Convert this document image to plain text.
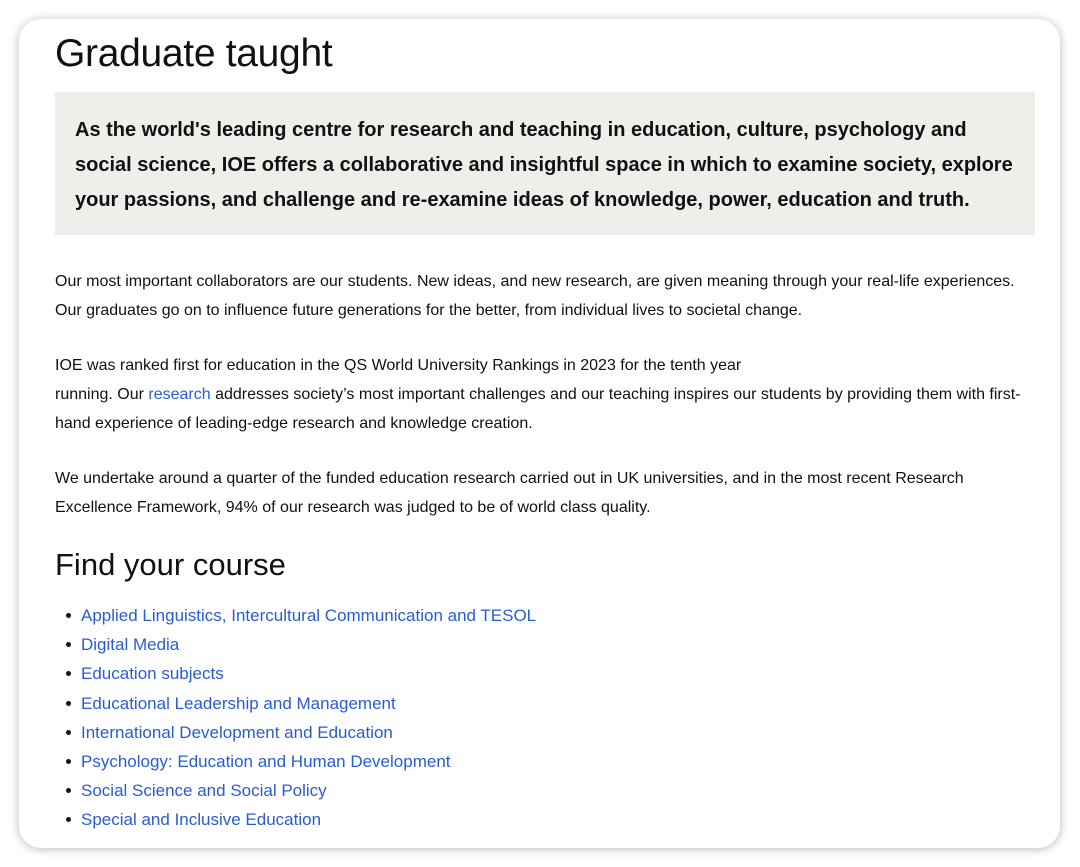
Graduate taught

As the world's leading centre for research and teaching in education, culture, psychology and social science, IOE offers a collaborative and insightful space in which to examine society, explore your passions, and challenge and re-examine ideas of knowledge, power, education and truth.

Our most important collaborators are our students. New ideas, and new research, are given meaning through your real-life experiences. Our graduates go on to influence future generations for the better, from individual lives to societal change.

IOE was ranked first for education in the QS World University Rankings in 2023 for the tenth year
running. Our research addresses society’s most important challenges and our teaching inspires our students by providing them with first-hand experience of leading-edge research and knowledge creation.

We undertake around a quarter of the funded education research carried out in UK universities, and in the most recent Research Excellence Framework, 94% of our research was judged to be of world class quality.

Find your course
Applied Linguistics, Intercultural Communication and TESOL
Digital Media
Education subjects
Educational Leadership and Management
International Development and Education
Psychology: Education and Human Development
Social Science and Social Policy
Special and Inclusive Education
